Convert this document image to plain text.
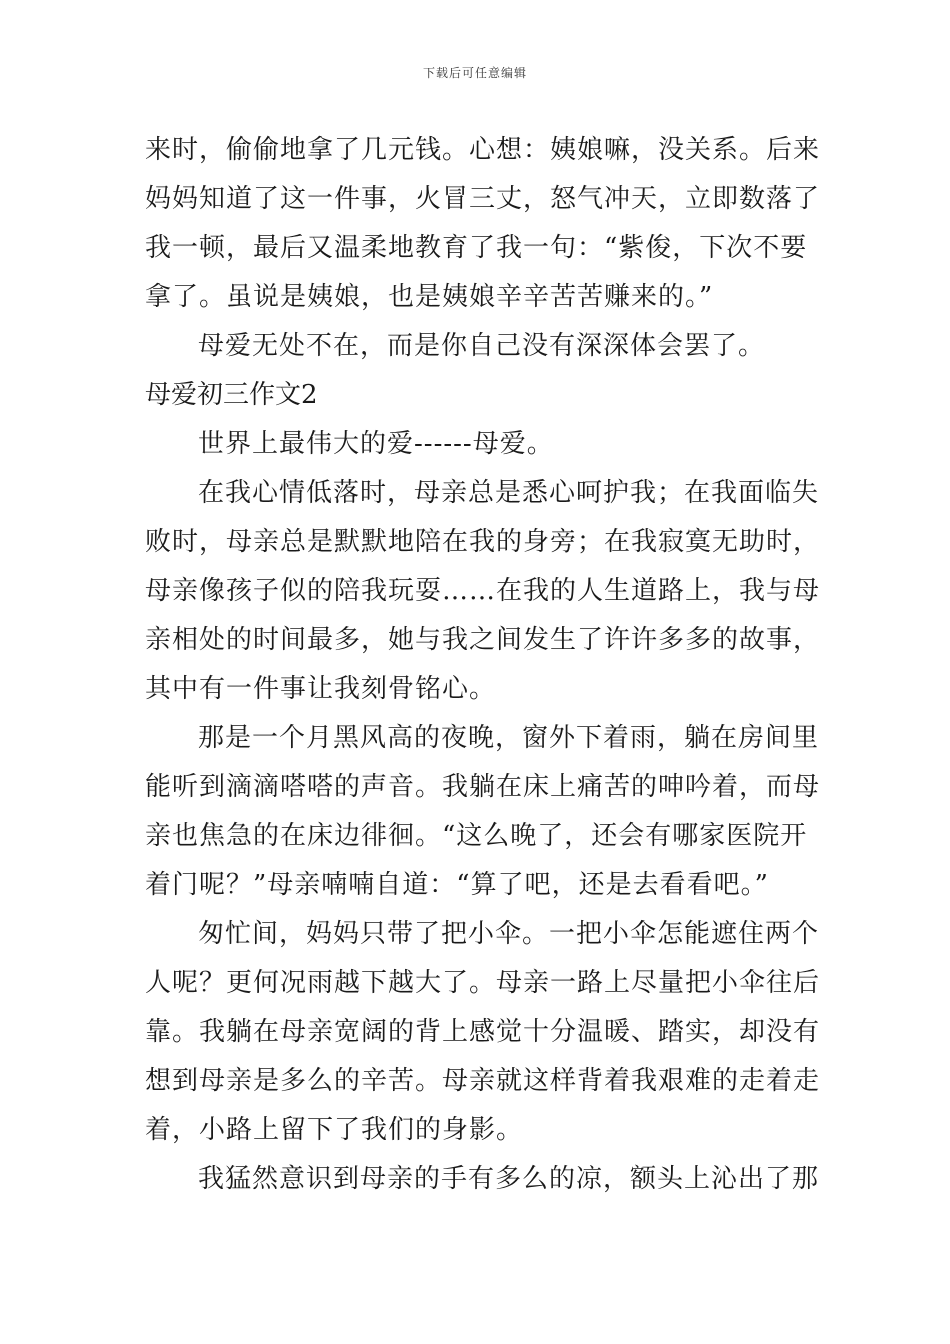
下载后可任意编辑

来时，偷偷地拿了几元钱。心想：姨娘嘛，没关系。后来
妈妈知道了这一件事，火冒三丈，怒气冲天，立即数落了
我一顿，最后又温柔地教育了我一句：“紫俊，下次不要
拿了。虽说是姨娘，也是姨娘辛辛苦苦赚来的。”

母爱无处不在，而是你自己没有深深体会罢了。

母爱初三作文2

世界上最伟大的爱------母爱。

在我心情低落时，母亲总是悉心呵护我；在我面临失
败时，母亲总是默默地陪在我的身旁；在我寂寞无助时，
母亲像孩子似的陪我玩耍……在我的人生道路上，我与母
亲相处的时间最多，她与我之间发生了许许多多的故事，
其中有一件事让我刻骨铭心。

那是一个月黑风高的夜晚，窗外下着雨，躺在房间里
能听到滴滴嗒嗒的声音。我躺在床上痛苦的呻吟着，而母
亲也焦急的在床边徘徊。“这么晚了，还会有哪家医院开
着门呢？”母亲喃喃自道：“算了吧，还是去看看吧。”

匆忙间，妈妈只带了把小伞。一把小伞怎能遮住两个
人呢？更何况雨越下越大了。母亲一路上尽量把小伞往后
靠。我躺在母亲宽阔的背上感觉十分温暖、踏实，却没有
想到母亲是多么的辛苦。母亲就这样背着我艰难的走着走
着，小路上留下了我们的身影。

我猛然意识到母亲的手有多么的凉，额头上沁出了那
